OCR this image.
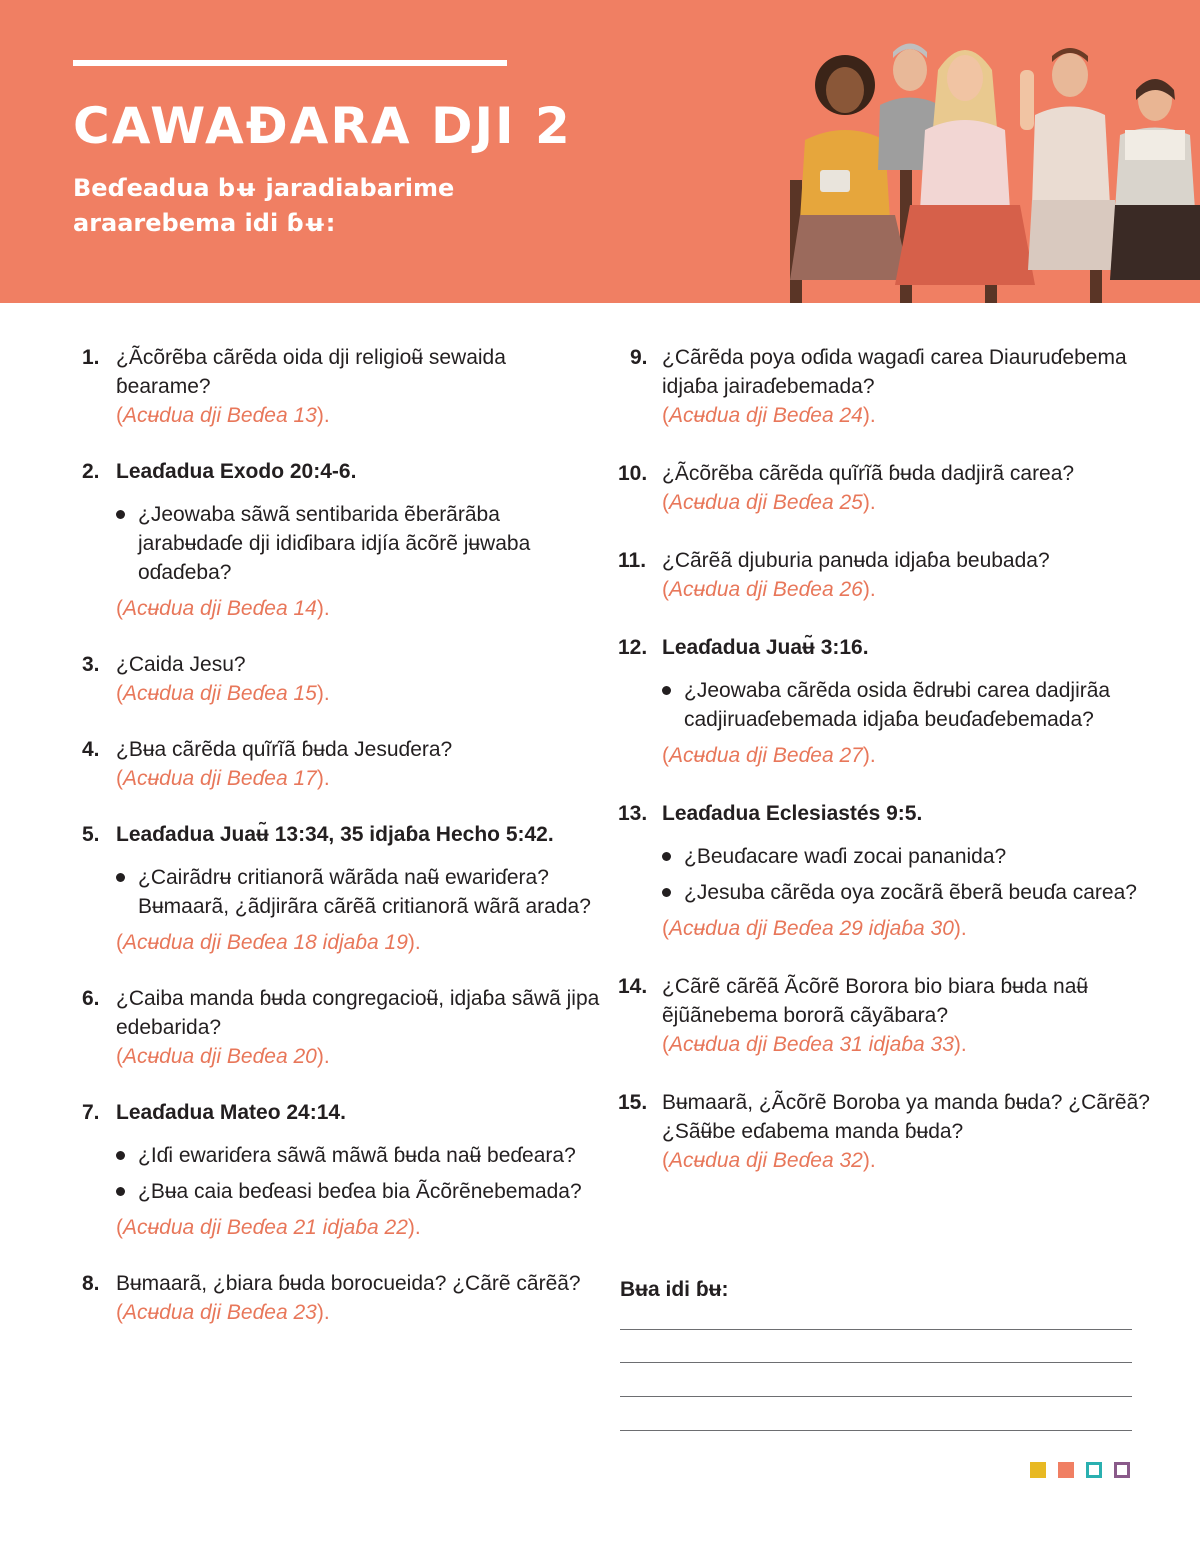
CAWAƉARA DJI 2

Beɗeadua bʉ jaradiabarime araarebema idi ɓʉ:

1. ¿Ãcõrẽba cãrẽda oida dji religioʉ̃ sewaida ɓearame?
(Acʉdua dji Beɗea 13).
2. Leaɗadua Exodo 20:4-6.
¿Jeowaba sãwã sentibarida ẽberãrãba jarabʉdaɗe dji idiɗibara idjía ãcõrẽ jʉwaba oɗaɗeba?
(Acʉdua dji Beɗea 14).
3. ¿Caida Jesu?
(Acʉdua dji Beɗea 15).
4. ¿Bʉa cãrẽda quĩrĩã ɓʉda Jesuɗera?
(Acʉdua dji Beɗea 17).
5. Leaɗadua Juaʉ̃ 13:34, 35 idjaɓa Hecho 5:42.
¿Cairãdrʉ critianorã wãrãda naʉ̃ ewariɗera? Bʉmaarã, ¿ãdjirãra cãrẽã critianorã wãrã arada?
(Acʉdua dji Beɗea 18 idjaɓa 19).
6. ¿Caiba manda ɓʉda congregacioʉ̃, idjaɓa sãwã jipa edebarida?
(Acʉdua dji Beɗea 20).
7. Leaɗadua Mateo 24:14.
¿Iɗi ewariɗera sãwã mãwã ɓʉda naʉ̃ beɗeara?
¿Bʉa caia beɗeasi beɗea bia Ãcõrẽnebemada?
(Acʉdua dji Beɗea 21 idjaɓa 22).
8. Bʉmaarã, ¿biara ɓʉda borocueida? ¿Cãrẽ cãrẽã?
(Acʉdua dji Beɗea 23).
9. ¿Cãrẽda poya oɗida wagaɗi carea Diauruɗebema idjaɓa jairaɗebemada?
(Acʉdua dji Beɗea 24).
10. ¿Ãcõrẽba cãrẽda quĩrĩã ɓʉda dadjirã carea?
(Acʉdua dji Beɗea 25).
11. ¿Cãrẽã djuburia panʉda idjaɓa beubada?
(Acʉdua dji Beɗea 26).
12. Leaɗadua Juaʉ̃ 3:16.
¿Jeowaba cãrẽda osida ẽdrʉbi carea dadjirãa cadjiruaɗebemada idjaɓa beuɗaɗebemada?
(Acʉdua dji Beɗea 27).
13. Leaɗadua Eclesiastés 9:5.
¿Beuɗacare waɗi zocai pananida?
¿Jesuba cãrẽda oya zocãrã ẽberã beuɗa carea?
(Acʉdua dji Beɗea 29 idjaɓa 30).
14. ¿Cãrẽ cãrẽã Ãcõrẽ Borora bio biara ɓʉda naʉ̃ ẽjũãnebema bororã cãyãbara?
(Acʉdua dji Beɗea 31 idjaɓa 33).
15. Bʉmaarã, ¿Ãcõrẽ Boroba ya manda ɓʉda? ¿Cãrẽã? ¿Sãʉ̃be eɗabema manda ɓʉda?
(Acʉdua dji Beɗea 32).
Bʉa idi ɓʉ:
